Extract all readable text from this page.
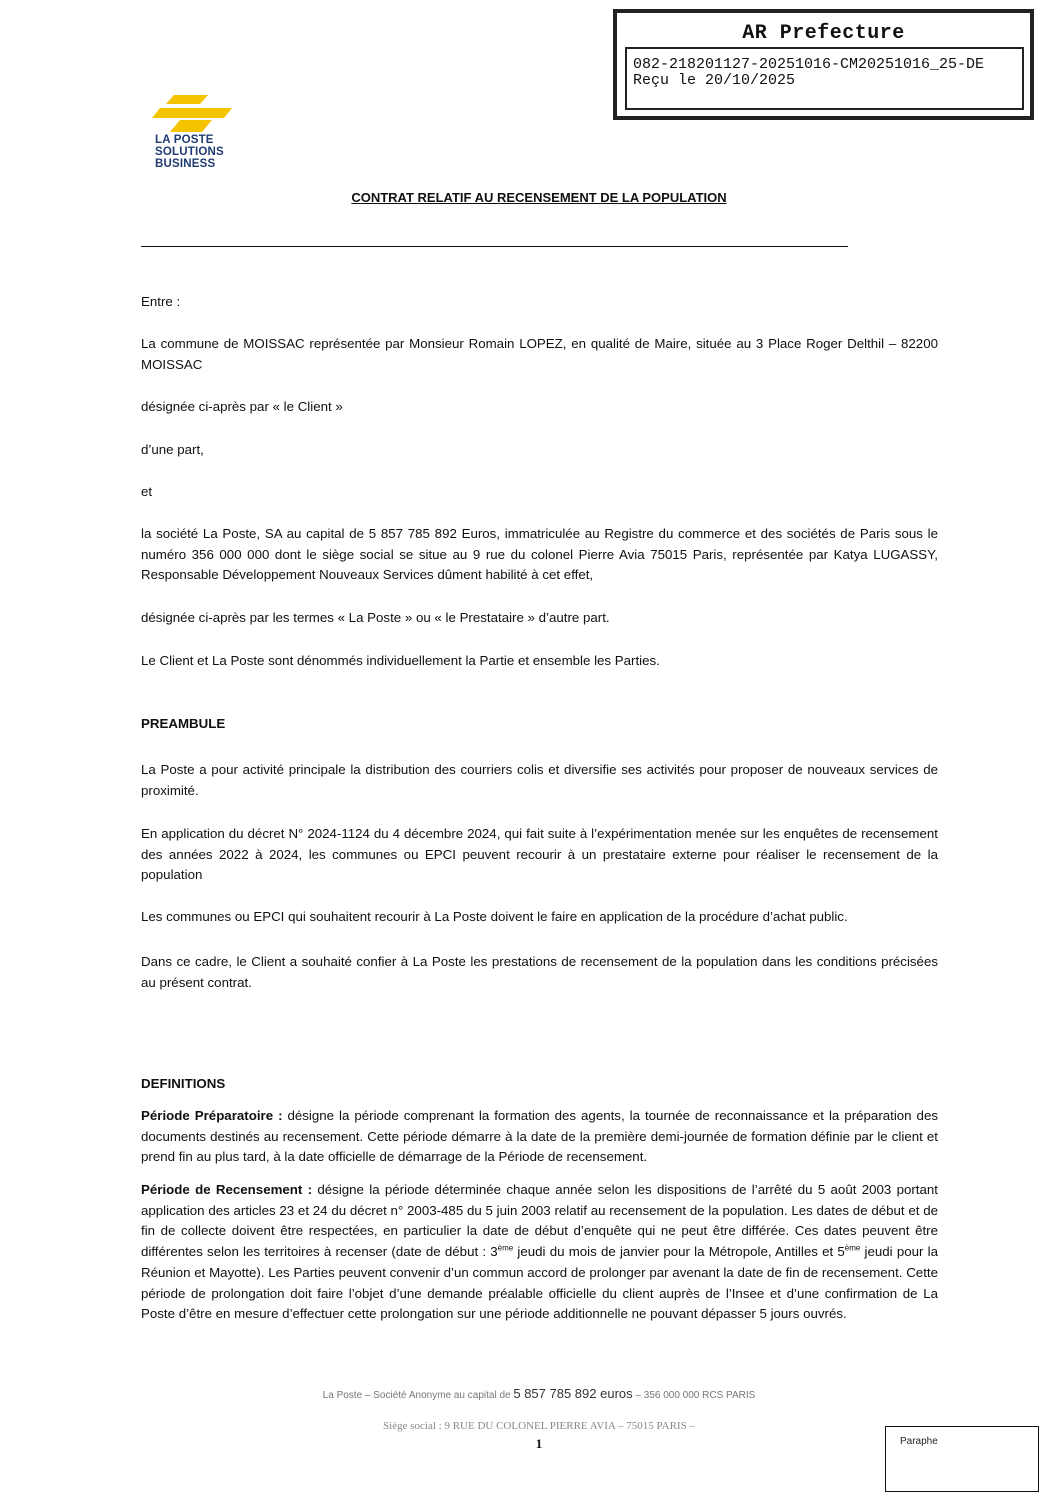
AR Prefecture
082-218201127-20251016-CM20251016_25-DE
Reçu le 20/10/2025
LA POSTE
SOLUTIONS
BUSINESS
CONTRAT RELATIF AU RECENSEMENT DE LA POPULATION

Entre :

La commune de MOISSAC représentée par Monsieur Romain LOPEZ, en qualité de Maire, située au 3 Place Roger Delthil – 82200 MOISSAC

désignée ci-après par « le Client »

d’une part,

et

la société La Poste, SA au capital de 5 857 785 892 Euros, immatriculée au Registre du commerce et des sociétés de Paris sous le numéro 356 000 000 dont le siège social se situe au 9 rue du colonel Pierre Avia 75015 Paris, représentée par Katya LUGASSY, Responsable Développement Nouveaux Services dûment habilité à cet effet,

désignée ci-après par les termes « La Poste » ou « le Prestataire » d’autre part.

Le Client et La Poste sont dénommés individuellement la Partie et ensemble les Parties.

PREAMBULE

La Poste a pour activité principale la distribution des courriers colis et diversifie ses activités pour proposer de nouveaux services de proximité.

En application du décret N° 2024-1124 du 4 décembre 2024, qui fait suite à l’expérimentation menée sur les enquêtes de recensement des années 2022 à 2024, les communes ou EPCI peuvent recourir à un prestataire externe pour réaliser le recensement de la population

Les communes ou EPCI qui souhaitent recourir à La Poste doivent le faire en application de la procédure d’achat public.

Dans ce cadre, le Client a souhaité confier à La Poste les prestations de recensement de la population dans les conditions précisées au présent contrat.

DEFINITIONS

Période Préparatoire : désigne la période comprenant la formation des agents, la tournée de reconnaissance et la préparation des documents destinés au recensement. Cette période démarre à la date de la première demi-journée de formation définie par le client et prend fin au plus tard, à la date officielle de démarrage de la Période de recensement.

Période de Recensement : désigne la période déterminée chaque année selon les dispositions de l’arrêté du 5 août 2003 portant application des articles 23 et 24 du décret n° 2003-485 du 5 juin 2003 relatif au recensement de la population. Les dates de début et de fin de collecte doivent être respectées, en particulier la date de début d’enquête qui ne peut être différée. Ces dates peuvent être différentes selon les territoires à recenser (date de début : 3ème jeudi du mois de janvier pour la Métropole, Antilles et 5ème jeudi pour la Réunion et Mayotte). Les Parties peuvent convenir d’un commun accord de prolonger par avenant la date de fin de recensement. Cette période de prolongation doit faire l’objet d’une demande préalable officielle du client auprès de l’Insee et d’une confirmation de La Poste d’être en mesure d’effectuer cette prolongation sur une période additionnelle ne pouvant dépasser 5 jours ouvrés.

La Poste – Société Anonyme au capital de 5 857 785 892 euros – 356 000 000 RCS PARIS
Siège social : 9 RUE DU COLONEL PIERRE AVIA – 75015 PARIS –
1	Paraphe
